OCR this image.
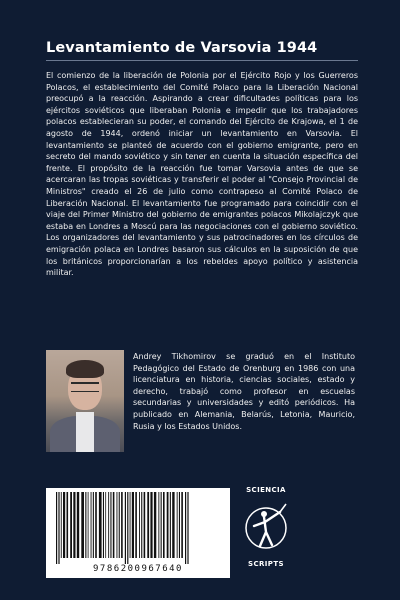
Levantamiento de Varsovia 1944
El comienzo de la liberación de Polonia por el Ejército Rojo y los Guerreros Polacos, el establecimiento del Comité Polaco para la Liberación Nacional preocupó a la reacción. Aspirando a crear dificultades políticas para los ejércitos soviéticos que liberaban Polonia e impedir que los trabajadores polacos establecieran su poder, el comando del Ejército de Krajowa, el 1 de agosto de 1944, ordenó iniciar un levantamiento en Varsovia. El levantamiento se planteó de acuerdo con el gobierno emigrante, pero en secreto del mando soviético y sin tener en cuenta la situación específica del frente. El propósito de la reacción fue tomar Varsovia antes de que se acercaran las tropas soviéticas y transferir el poder al "Consejo Provincial de Ministros" creado el 26 de julio como contrapeso al Comité Polaco de Liberación Nacional. El levantamiento fue programado para coincidir con el viaje del Primer Ministro del gobierno de emigrantes polacos Mikolajczyk que estaba en Londres a Moscú para las negociaciones con el gobierno soviético. Los organizadores del levantamiento y sus patrocinadores en los círculos de emigración polaca en Londres basaron sus cálculos en la suposición de que los británicos proporcionarían a los rebeldes apoyo político y asistencia militar.
Andrey Tikhomirov se graduó en el Instituto Pedagógico del Estado de Orenburg en 1986 con una licenciatura en historia, ciencias sociales, estado y derecho, trabajó como profesor en escuelas secundarias y universidades y editó periódicos. Ha publicado en Alemania, Belarús, Letonia, Mauricio, Rusia y los Estados Unidos.
9786200967640
SCIENCIA
SCRIPTS
